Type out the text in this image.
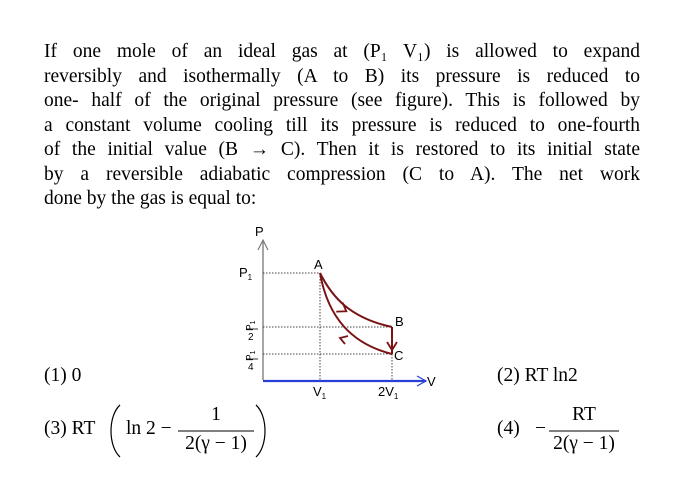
If one mole of an ideal gas at (P₁ V₁) is allowed to expand
reversibly and isothermally (A to B) its pressure is reduced to
one- half of the original pressure (see figure). This is followed by
a constant volume cooling till its pressure is reduced to one-fourth
of the initial value (B → C). Then it is restored to its initial state
by a reversible adiabatic compression (C to A). The net work
done by the gas is equal to:
P
V
A
B
C
$P_1$
$P_1$
2
$P_1$
4
$V_1$	$2V_1$
(1) 0	(2) RT ln2
(3) RT ln 2 −
1
2(γ − 1)
(4) −
RT
2(γ − 1)
